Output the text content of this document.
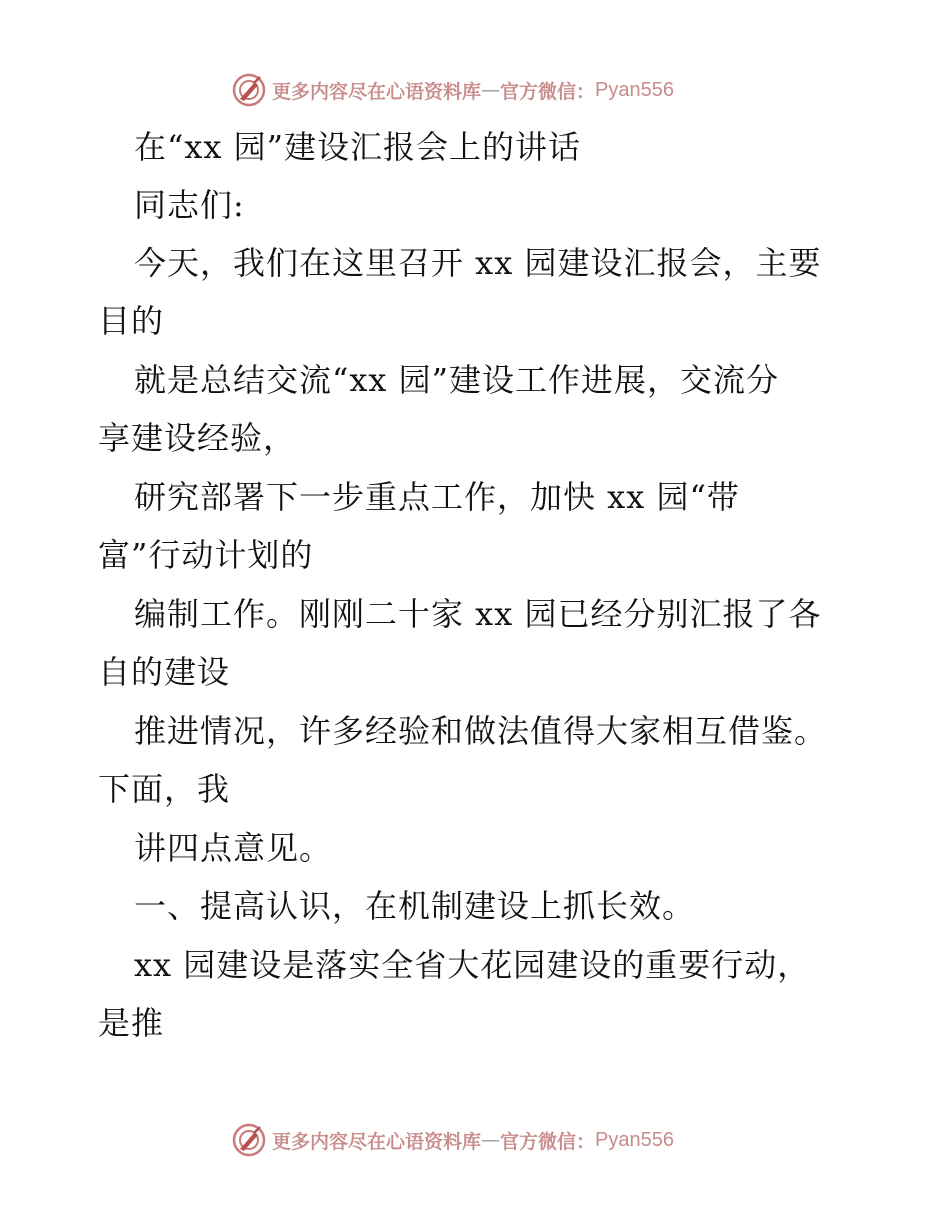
更多内容尽在心语资料库 — 官方微信： Pyan556
在“xx 园”建设汇报会上的讲话
同志们:
今天，我们在这里召开 xx 园建设汇报会，主要
目的
就是总结交流“xx 园”建设工作进展，交流分
享建设经验，
研究部署下一步重点工作，加快 xx 园“带
富”行动计划的
编制工作。刚刚二十家 xx 园已经分别汇报了各
自的建设
推进情况，许多经验和做法值得大家相互借鉴。
下面，我
讲四点意见。
一、提高认识，在机制建设上抓长效。
xx 园建设是落实全省大花园建设的重要行动，
是推
更多内容尽在心语资料库 — 官方微信： Pyan556
